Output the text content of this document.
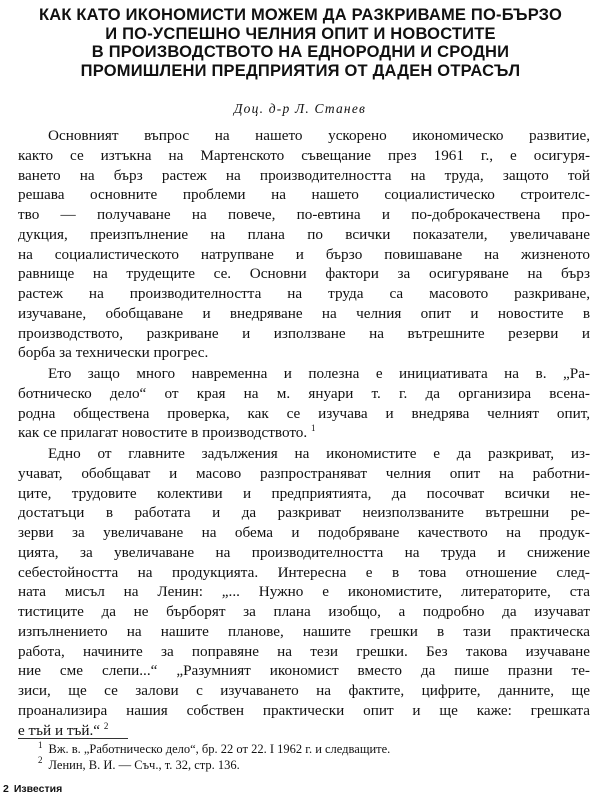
КАК КАТО ИКОНОМИСТИ МОЖЕМ ДА РАЗКРИВАМЕ ПО-БЪРЗО
И ПО-УСПЕШНО ЧЕЛНИЯ ОПИТ И НОВОСТИТЕ
В ПРОИЗВОДСТВОТО НА ЕДНОРОДНИ И СРОДНИ
ПРОМИШЛЕНИ ПРЕДПРИЯТИЯ ОТ ДАДЕН ОТРАСЪЛ
Доц. д-р Л. Станев

Основният въпрос на нашето ускорено икономическо развитие,
както се изтъкна на Мартенското съвещание през 1961 г., е осигуря-
ването на бърз растеж на производителността на труда, защото той
решава основните проблеми на нашето социалистическо строителс-
тво — получаване на повече, по-евтина и по-доброкачествена про-
дукция, преизпълнение на плана по всички показатели, увеличаване
на социалистическото натрупване и бързо повишаване на жизненото
равнище на трудещите се. Основни фактори за осигуряване на бърз
растеж на производителността на труда са масовото разкриване,
изучаване, обобщаване и внедряване на челния опит и новостите в
производството, разкриване и използване на вътрешните резерви и
борба за технически прогрес.

Ето защо много навременна и полезна е инициативата на в. „Ра-
ботническо дело“ от края на м. януари т. г. да организира всена-
родна обществена проверка, как се изучава и внедрява челният опит,
как се прилагат новостите в производството. $^1$

Едно от главните задължения на икономистите е да разкриват, из-
учават, обобщават и масово разпространяват челния опит на работни-
ците, трудовите колективи и предприятията, да посочват всички не-
достатъци в работата и да разкриват неизползваните вътрешни ре-
зерви за увеличаване на обема и подобряване качеството на продук-
цията, за увеличаване на производителността на труда и снижение
себестойността на продукцията. Интересна е в това отношение след-
ната мисъл на Ленин: „... Нужно е икономистите, литераторите, ста
тистиците да не бърборят за плана изобщо, а подробно да изучават
изпълнението на нашите планове, нашите грешки в тази практическа
работа, начините за поправяне на тези грешки. Без такова изучаване
ние сме слепи...“ „Разумният икономист вместо да пише празни те-
зиси, ще се залови с изучаването на фактите, цифрите, данните, ще
проанализира нашия собствен практически опит и ще каже: грешката
е тъй и тъй.“ $^2$

$^1$ Вж. в. „Работническо дело“, бр. 22 от 22. I 1962 г. и следващите.
$^2$ Ленин, В. И. — Съч., т. 32, стр. 136.
2 Известия
